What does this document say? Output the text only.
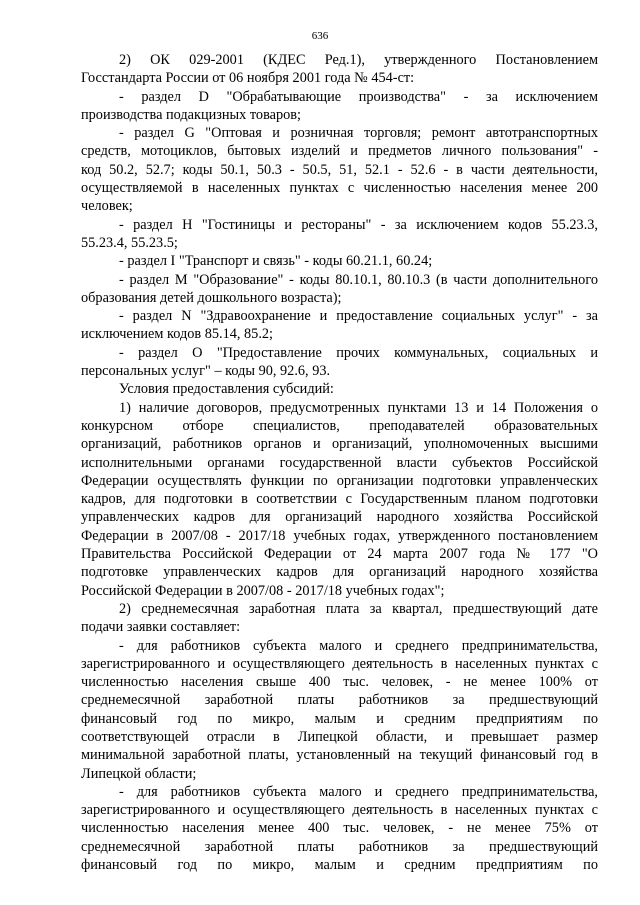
636
2) ОК 029-2001 (КДЕС Ред.1), утвержденного Постановлением
Госстандарта России от 06 ноября 2001 года № 454-ст:
- раздел D "Обрабатывающие производства" - за исключением
производства подакцизных товаров;
- раздел G "Оптовая и розничная торговля; ремонт автотранспортных
средств, мотоциклов, бытовых изделий и предметов личного пользования" -
код 50.2, 52.7; коды 50.1, 50.3 - 50.5, 51, 52.1 - 52.6 - в части деятельности,
осуществляемой в населенных пунктах с численностью населения менее 200
человек;
- раздел Н "Гостиницы и рестораны" - за исключением кодов 55.23.3,
55.23.4, 55.23.5;
- раздел I "Транспорт и связь" - коды 60.21.1, 60.24;
- раздел М "Образование" - коды 80.10.1, 80.10.3 (в части дополнительного
образования детей дошкольного возраста);
- раздел N "Здравоохранение и предоставление социальных услуг" - за
исключением кодов 85.14, 85.2;
- раздел О "Предоставление прочих коммунальных, социальных и
персональных услуг" – коды 90, 92.6, 93.
Условия предоставления субсидий:
1) наличие договоров, предусмотренных пунктами 13 и 14 Положения о
конкурсном отборе специалистов, преподавателей образовательных
организаций, работников органов и организаций, уполномоченных высшими
исполнительными органами государственной власти субъектов Российской
Федерации осуществлять функции по организации подготовки управленческих
кадров, для подготовки в соответствии с Государственным планом подготовки
управленческих кадров для организаций народного хозяйства Российской
Федерации в 2007/08 - 2017/18 учебных годах, утвержденного постановлением
Правительства Российской Федерации от 24 марта 2007 года № 177 "О
подготовке управленческих кадров для организаций народного хозяйства
Российской Федерации в 2007/08 - 2017/18 учебных годах";
2) среднемесячная заработная плата за квартал, предшествующий дате
подачи заявки составляет:
- для работников субъекта малого и среднего предпринимательства,
зарегистрированного и осуществляющего деятельность в населенных пунктах с
численностью населения свыше 400 тыс. человек, - не менее 100% от
среднемесячной заработной платы работников за предшествующий
финансовый год по микро, малым и средним предприятиям по
соответствующей отрасли в Липецкой области, и превышает размер
минимальной заработной платы, установленный на текущий финансовый год в
Липецкой области;
- для работников субъекта малого и среднего предпринимательства,
зарегистрированного и осуществляющего деятельность в населенных пунктах с
численностью населения менее 400 тыс. человек, - не менее 75% от
среднемесячной заработной платы работников за предшествующий
финансовый год по микро, малым и средним предприятиям по
